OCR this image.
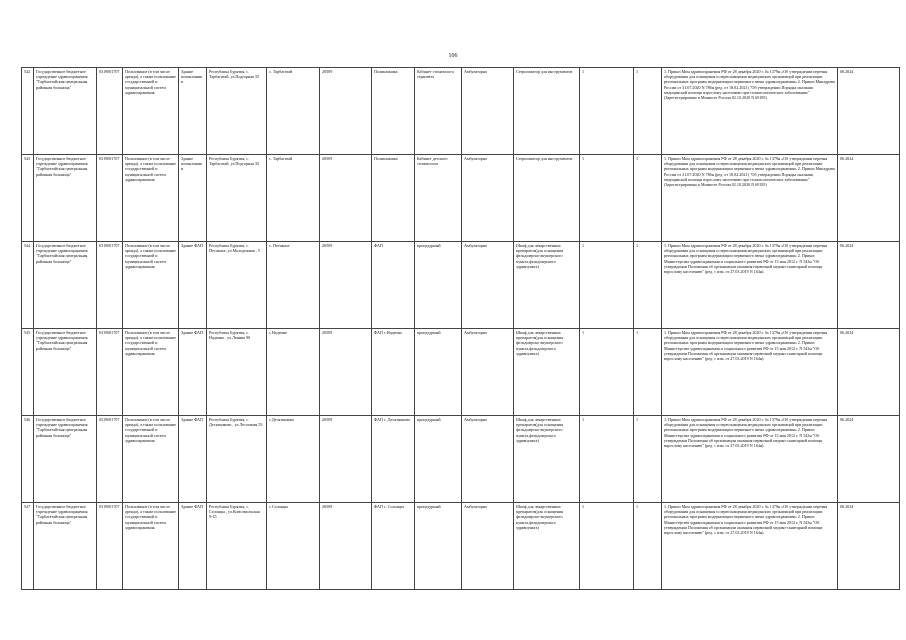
106
542	Государственное бюджетное учреждение здравоохранения "Тарбагатайская центральная районная больница"	0319001707	Пользование (в том числе аренда), а также пользование государственной и муниципальной систем здравоохранения	Здание поликлиники	Республика Бурятия, с. Тарбагатай, ул.Подгорная 35	с. Тарбагатай	20509	Поликлиника	Кабинет стоматолога терапевта	Амбулаторно	Стерилизатор для инструментов	1	1	1. Приказ Мин здравоохранения РФ от 28 декабря 2020 г. № 1379н «Об утверждении перечня оборудования для оснащения и переоснащения медицинских организаций при реализации региональных программ модернизации первичного звена здравоохранения» 2. Приказ Минздрава России от 31.07.2020 N 786н (ред. от 18.02.2021) "Об утверждении Порядка оказания медицинской помощи взрослому населению при стоматологических заболеваниях" (Зарегистрировано в Минюсте России 02.10.2020 N 60185)	06.2024
543	Государственное бюджетное учреждение здравоохранения "Тарбагатайская центральная районная больница"	0319001707	Пользование (в том числе аренда), а также пользование государственной и муниципальной систем здравоохранения	Здание поликлиники	Республика Бурятия, с. Тарбагатай, ул.Подгорная 35	с. Тарбагатай	20509	Поликлиника	Кабинет детского стоматолога	Амбулаторно	Стерилизатор для инструментов	1	1	1. Приказ Мин здравоохранения РФ от 28 декабря 2020 г. № 1379н «Об утверждении перечня оборудования для оснащения и переоснащения медицинских организаций при реализации региональных программ модернизации первичного звена здравоохранения» 2. Приказ Минздрава России от 31.07.2020 N 786н (ред. от 18.02.2021) "Об утверждении Порядка оказания медицинской помощи взрослому населению при стоматологических заболеваниях" (Зарегистрировано в Минюсте России 02.10.2020 N 60185)	06.2024
544	Государственное бюджетное учреждение здравоохранения "Тарбагатайская центральная районная больница"	0319001707	Пользование (в том числе аренда), а также пользование государственной и муниципальной систем здравоохранения	Здание ФАП	Республика Бурятия, с. Песчаное, ул.Молодежная , 5	с. Песчаное	20509	ФАП	процедурный	Амбулаторно	Шкаф для лекарственных препаратов(для оснащения фельдшерско-акушерского пункта,фельдшерского здравпункта)	1	1	1. Приказ Мин здравоохранения РФ от 28 декабря 2020 г. № 1379н «Об утверждении перечня оборудования для оснащения и переоснащения медицинских организаций при реализации региональных программ модернизации первичного звена здравоохранения» 2. Приказ Министерства здравоохранения и социального развития РФ от 15 мая 2012 г. N 543н "Об утверждении Положения об организации оказания первичной медико-санитарной помощи взрослому населению" (ред. с изм. от 27.03.2019 N 164н).	06.2024
545	Государственное бюджетное учреждение здравоохранения "Тарбагатайская центральная районная больница"	0319001707	Пользование (в том числе аренда), а также пользование государственной и муниципальной систем здравоохранения	Здание ФАП	Республика Бурятия, с. Надеино , ул.Ленина 90	с.Надеино	20509	ФАП с.Надеино	процедурный	Амбулаторно	Шкаф для лекарственных препаратов(для оснащения фельдшерско-акушерского пункта,фельдшерского здравпункта)	1	1	1. Приказ Мин здравоохранения РФ от 28 декабря 2020 г. № 1379н «Об утверждении перечня оборудования для оснащения и переоснащения медицинских организаций при реализации региональных программ модернизации первичного звена здравоохранения» 2. Приказ Министерства здравоохранения и социального развития РФ от 15 мая 2012 г. N 543н "Об утверждении Положения об организации оказания первичной медико-санитарной помощи взрослому населению" (ред. с изм. от 27.03.2019 N 164н).	06.2024
546	Государственное бюджетное учреждение здравоохранения "Тарбагатайская центральная районная больница"	0319001707	Пользование (в том числе аренда), а также пользование государственной и муниципальной систем здравоохранения	Здание ФАП	Республика Бурятия, с. Десятниково , ул.Лесхозная 55	с.Десятниково	20509	ФАП с. Десятниково	процедурный	Амбулаторно	Шкаф для лекарственных препаратов(для оснащения фельдшерско-акушерского пункта,фельдшерского здравпункта)	1	1	1. Приказ Мин здравоохранения РФ от 28 декабря 2020 г. № 1379н «Об утверждении перечня оборудования для оснащения и переоснащения медицинских организаций при реализации региональных программ модернизации первичного звена здравоохранения» 2. Приказ Министерства здравоохранения и социального развития РФ от 15 мая 2012 г. N 543н "Об утверждении Положения об организации оказания первичной медико-санитарной помощи взрослому населению" (ред. с изм. от 27.03.2019 N 164н).	06.2024
547	Государственное бюджетное учреждение здравоохранения "Тарбагатайская центральная районная больница"	0319001707	Пользование (в том числе аренда), а также пользование государственной и муниципальной систем здравоохранения	Здание ФАП	Республика Бурятия, с. Солонцы , ул.Комсомольская 9-15	с.Солонцы	20509	ФАП с. Солонцы	процедурный	Амбулаторно	Шкаф для лекарственных препаратов(для оснащения фельдшерско-акушерского пункта,фельдшерского здравпункта)	1	1	1. Приказ Мин здравоохранения РФ от 28 декабря 2020 г. № 1379н «Об утверждении перечня оборудования для оснащения и переоснащения медицинских организаций при реализации региональных программ модернизации первичного звена здравоохранения» 2. Приказ Министерства здравоохранения и социального развития РФ от 15 мая 2012 г. N 543н "Об утверждении Положения об организации оказания первичной медико-санитарной помощи взрослому населению" (ред. с изм. от 27.03.2019 N 164н).	06.2024
